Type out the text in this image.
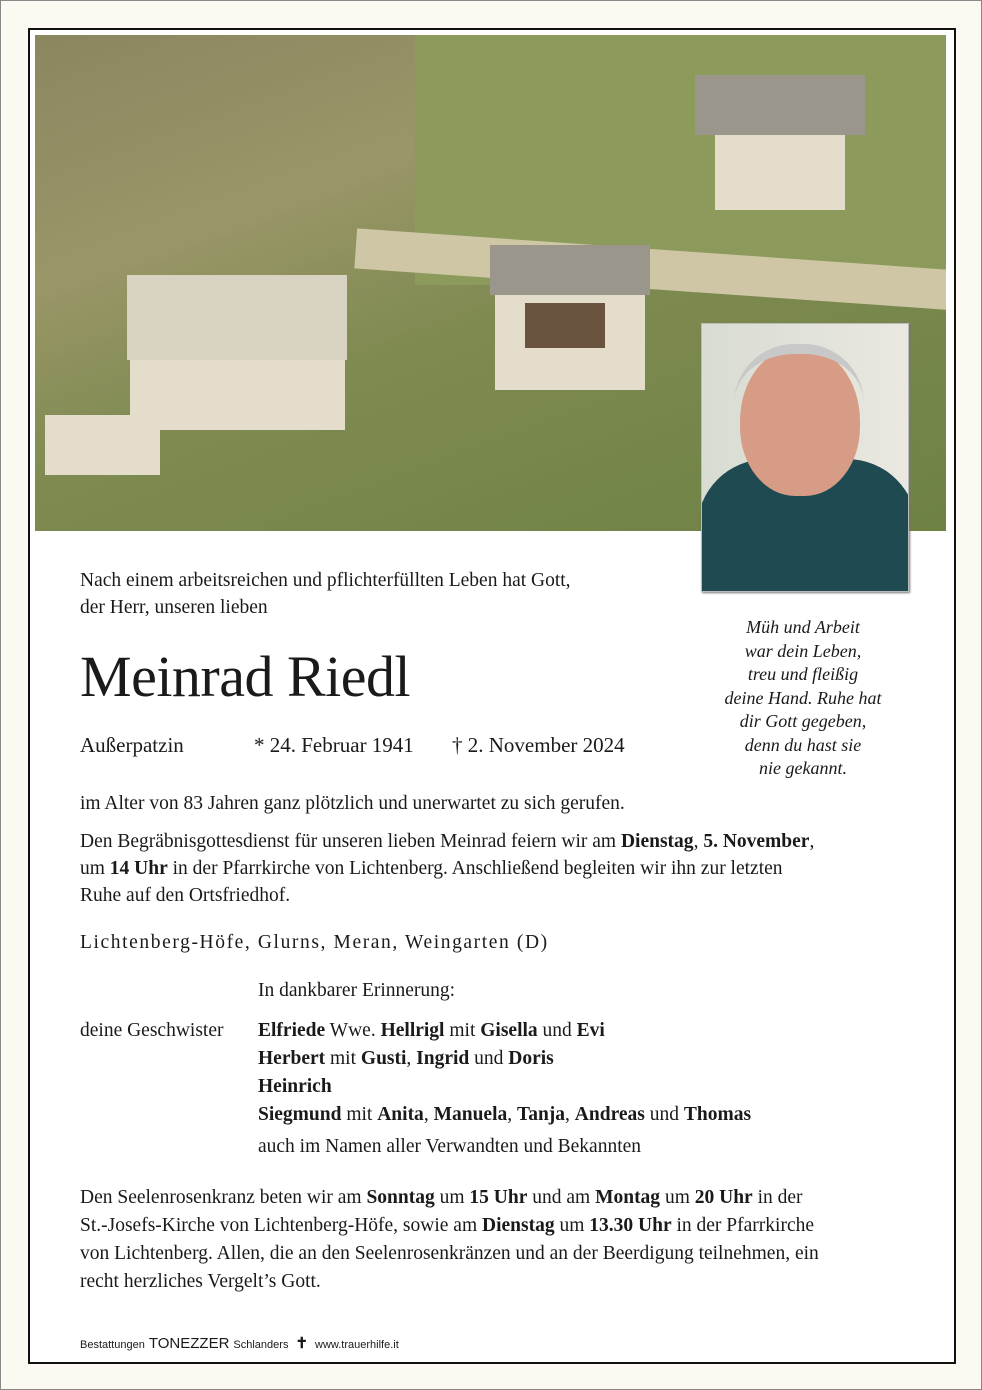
Nach einem arbeitsreichen und pflichterfüllten Leben hat Gott,
der Herr, unseren lieben
Meinrad Riedl
Außerpatzin	* 24. Februar 1941 † 2. November 2024
Müh und Arbeit
war dein Leben,
treu und fleißig
deine Hand. Ruhe hat
dir Gott gegeben,
denn du hast sie
nie gekannt.
im Alter von 83 Jahren ganz plötzlich und unerwartet zu sich gerufen.
Den Begräbnisgottesdienst für unseren lieben Meinrad feiern wir am Dienstag, 5. November,
um 14 Uhr in der Pfarrkirche von Lichtenberg. Anschließend begleiten wir ihn zur letzten
Ruhe auf den Ortsfriedhof.
Lichtenberg-Höfe, Glurns, Meran, Weingarten (D)
In dankbarer Erinnerung:
deine Geschwister Elfriede Wwe. Hellrigl mit Gisella und Evi
Herbert mit Gusti, Ingrid und Doris
Heinrich
Siegmund mit Anita, Manuela, Tanja, Andreas und Thomas
auch im Namen aller Verwandten und Bekannten
Den Seelenrosenkranz beten wir am Sonntag um 15 Uhr und am Montag um 20 Uhr in der
St.-Josefs-Kirche von Lichtenberg-Höfe, sowie am Dienstag um 13.30 Uhr in der Pfarrkirche
von Lichtenberg. Allen, die an den Seelenrosenkränzen und an der Beerdigung teilnehmen, ein
recht herzliches Vergelt’s Gott.
Bestattungen TONEZZER Schlanders ✝ www.trauerhilfe.it
